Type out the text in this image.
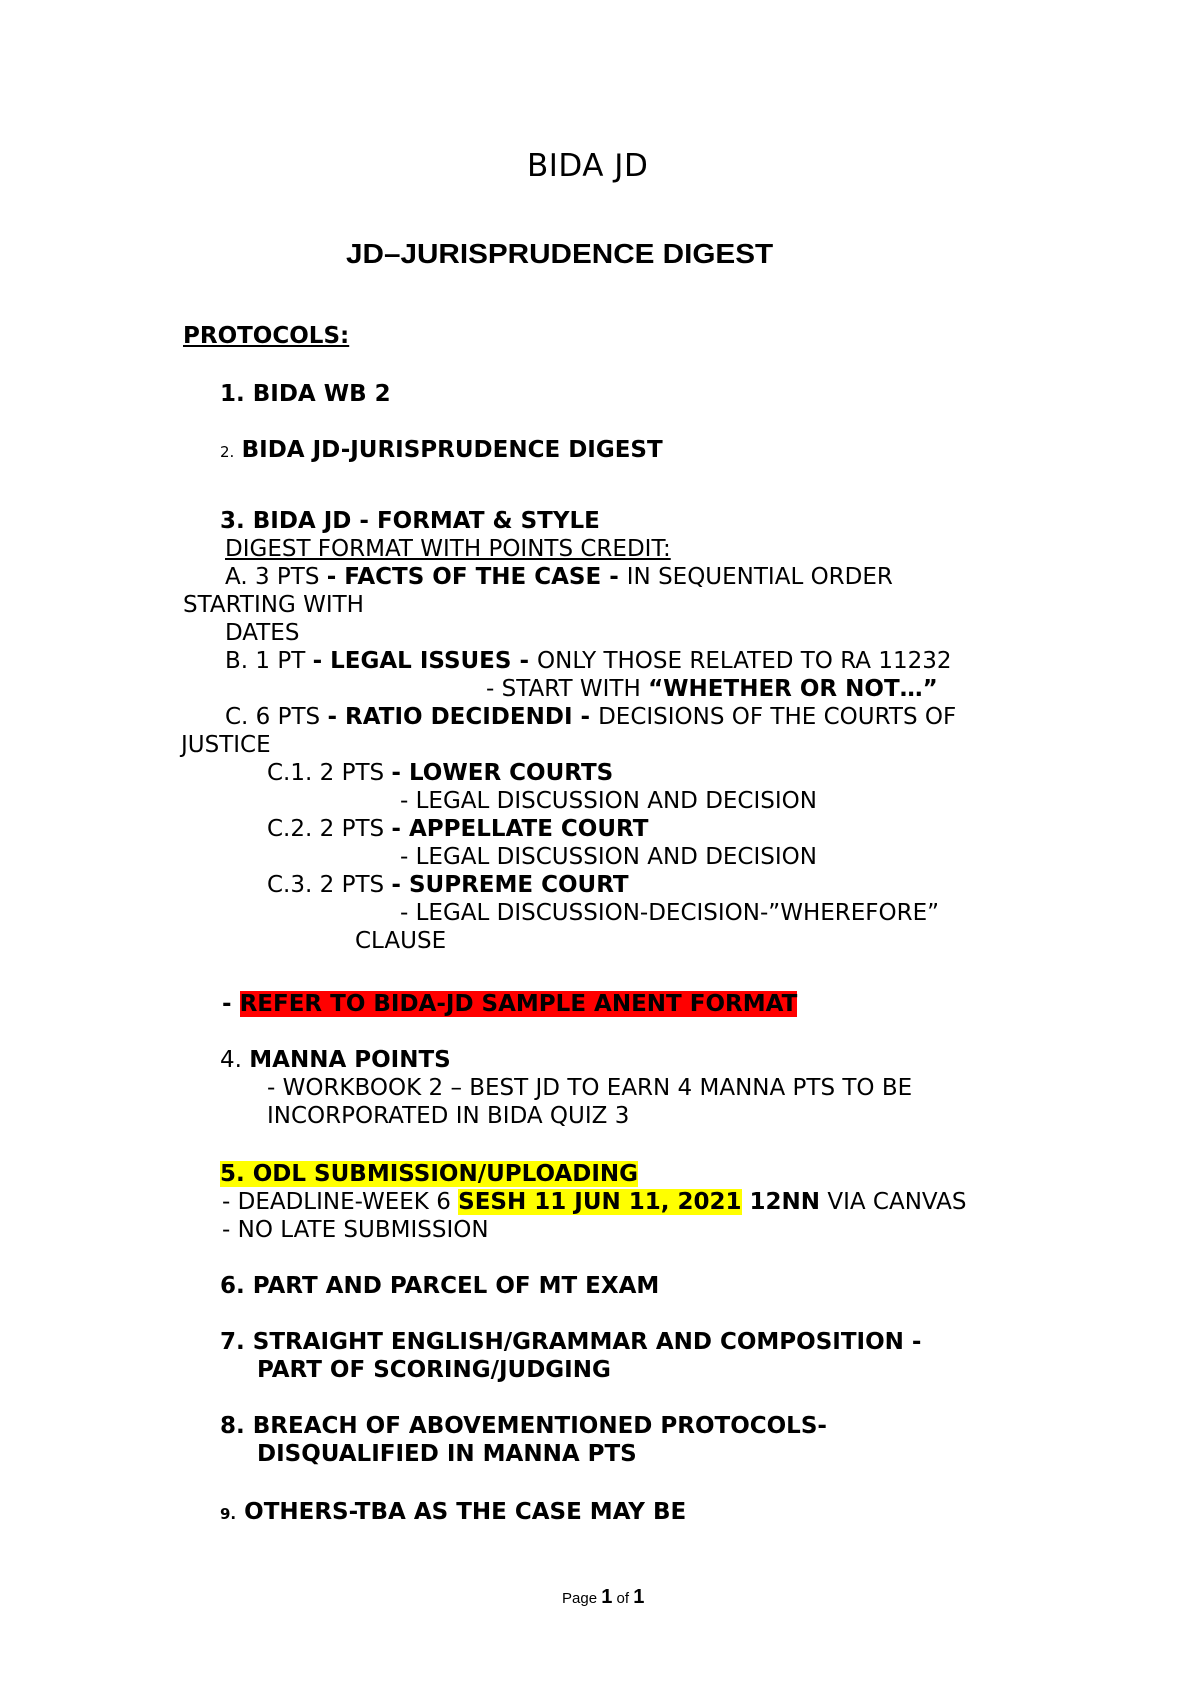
BIDA JD
JD–JURISPRUDENCE DIGEST
PROTOCOLS:
1. BIDA WB 2
2. BIDA JD-JURISPRUDENCE DIGEST
3. BIDA JD - FORMAT & STYLE
DIGEST FORMAT WITH POINTS CREDIT:
A. 3 PTS - FACTS OF THE CASE - IN SEQUENTIAL ORDER
STARTING WITH
DATES
B. 1 PT - LEGAL ISSUES - ONLY THOSE RELATED TO RA 11232
- START WITH “WHETHER OR NOT…”
C. 6 PTS - RATIO DECIDENDI - DECISIONS OF THE COURTS OF
JUSTICE
C.1. 2 PTS - LOWER COURTS
- LEGAL DISCUSSION AND DECISION
C.2. 2 PTS - APPELLATE COURT
- LEGAL DISCUSSION AND DECISION
C.3. 2 PTS - SUPREME COURT
- LEGAL DISCUSSION-DECISION-”WHEREFORE”
CLAUSE
- REFER TO BIDA-JD SAMPLE ANENT FORMAT
4. MANNA POINTS
- WORKBOOK 2 – BEST JD TO EARN 4 MANNA PTS TO BE
INCORPORATED IN BIDA QUIZ 3
5. ODL SUBMISSION/UPLOADING
- DEADLINE-WEEK 6 SESH 11 JUN 11, 2021 12NN VIA CANVAS
- NO LATE SUBMISSION
6. PART AND PARCEL OF MT EXAM
7. STRAIGHT ENGLISH/GRAMMAR AND COMPOSITION -
PART OF SCORING/JUDGING
8. BREACH OF ABOVEMENTIONED PROTOCOLS-
DISQUALIFIED IN MANNA PTS
9. OTHERS-TBA AS THE CASE MAY BE
Page 1 of 1
